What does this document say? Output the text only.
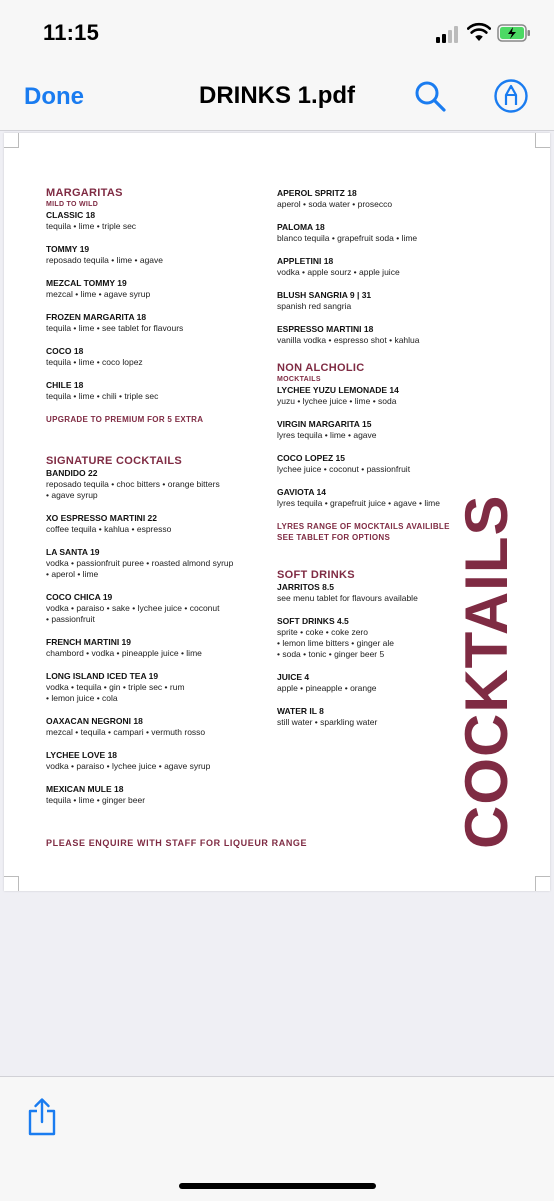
11:15
Done	DRINKS 1.pdf
MARGARITAS
MILD TO WILD
CLASSIC 18
tequila • lime • triple sec
TOMMY 19
reposado tequila • lime • agave
MEZCAL TOMMY 19
mezcal • lime • agave syrup
FROZEN MARGARITA 18
tequila • lime • see tablet for flavours
COCO 18
tequila • lime • coco lopez
CHILE 18
tequila • lime • chili • triple sec
UPGRADE TO PREMIUM FOR 5 EXTRA
SIGNATURE COCKTAILS
BANDIDO 22
reposado tequila • choc bitters • orange bitters
• agave syrup
XO ESPRESSO MARTINI 22
coffee tequila • kahlua • espresso
LA SANTA 19
vodka • passionfruit puree • roasted almond syrup
• aperol • lime
COCO CHICA 19
vodka • paraiso • sake • lychee juice • coconut
• passionfruit
FRENCH MARTINI 19
chambord • vodka • pineapple juice • lime
LONG ISLAND ICED TEA 19
vodka • tequila • gin • triple sec • rum
• lemon juice • cola
OAXACAN NEGRONI 18
mezcal • tequila • campari • vermuth rosso
LYCHEE LOVE 18
vodka • paraiso • lychee juice • agave syrup
MEXICAN MULE 18
tequila • lime • ginger beer
APEROL SPRITZ 18
aperol • soda water • prosecco
PALOMA 18
blanco tequila • grapefruit soda • lime
APPLETINI 18
vodka • apple sourz • apple juice
BLUSH SANGRIA 9 | 31
spanish red sangria
ESPRESSO MARTINI 18
vanilla vodka • espresso shot • kahlua
NON ALCHOLIC
MOCKTAILS
LYCHEE YUZU LEMONADE 14
yuzu • lychee juice • lime • soda
VIRGIN MARGARITA 15
lyres tequila • lime • agave
COCO LOPEZ 15
lychee juice • coconut • passionfruit
GAVIOTA 14
lyres tequila • grapefruit juice • agave • lime
LYRES RANGE OF MOCKTAILS AVAILIBLE
SEE TABLET FOR OPTIONS
SOFT DRINKS
JARRITOS 8.5
see menu tablet for flavours available
SOFT DRINKS 4.5
sprite • coke • coke zero
• lemon lime bitters • ginger ale
• soda • tonic • ginger beer 5
JUICE 4
apple • pineapple • orange
WATER IL 8
still water • sparkling water
PLEASE ENQUIRE WITH STAFF FOR LIQUEUR RANGE COCKTAILS
